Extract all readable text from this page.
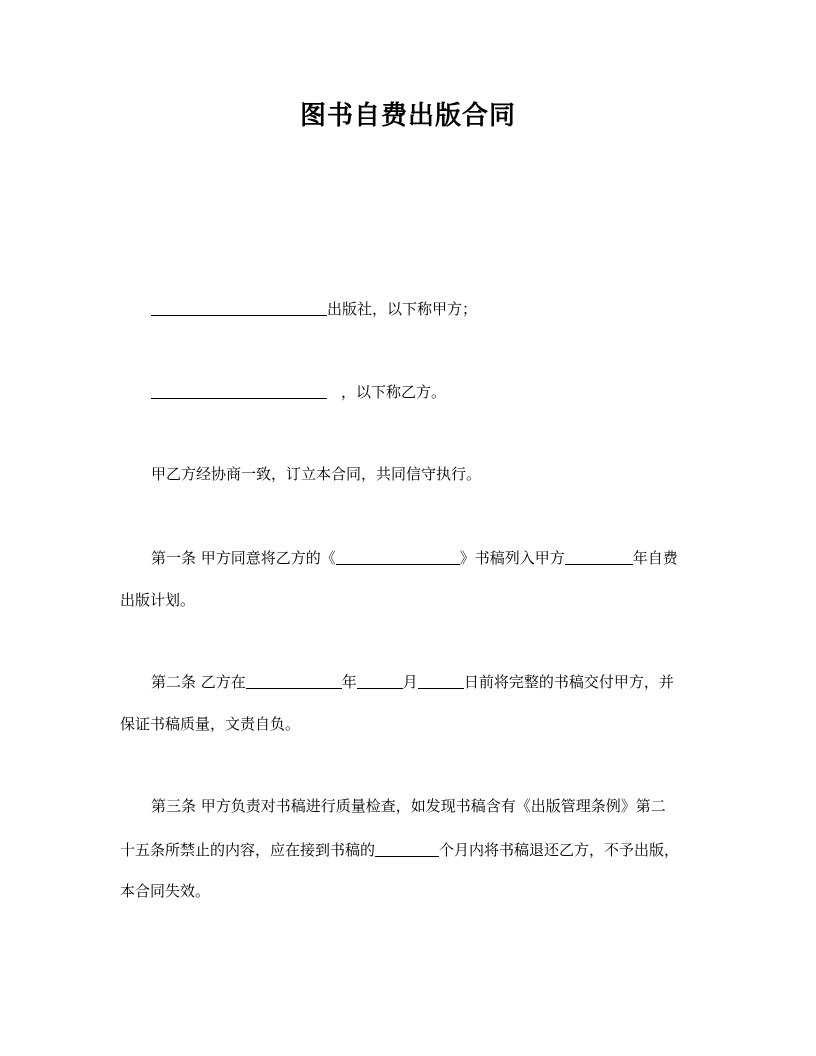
图书自费出版合同
出版社，以下称甲方；
，以下称乙方。
甲乙方经协商一致，订立本合同，共同信守执行。
第一条 甲方同意将乙方的《	》书稿列入甲方	年自费
出版计划。
第二条 乙方在	年	月	日前将完整的书稿交付甲方，并
保证书稿质量，文责自负。
第三条 甲方负责对书稿进行质量检查，如发现书稿含有《出版管理条例》第二
十五条所禁止的内容，应在接到书稿的	个月内将书稿退还乙方，不予出版，
本合同失效。
